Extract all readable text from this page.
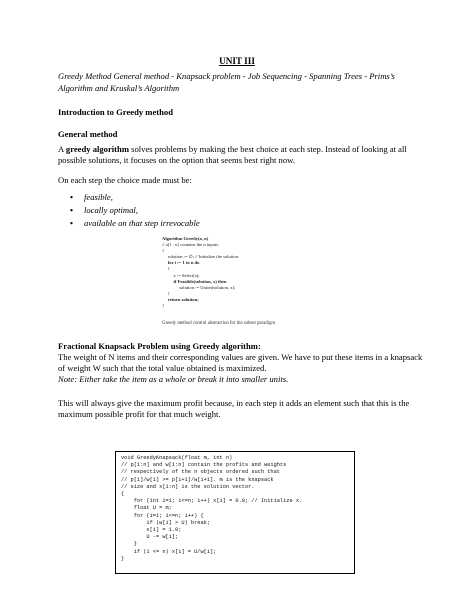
UNIT III
Greedy Method General method - Knapsack problem - Job Sequencing - Spanning Trees - Prims’s
Algorithm and Kruskal’s Algorithm
Introduction to Greedy method
General method
A greedy algorithm solves problems by making the best choice at each step. Instead of looking at all
possible solutions, it focuses on the option that seems best right now.
On each step the choice made must be:
• feasible,
• locally optimal,
• available on that step irrevocable
Algorithm Greedy(a, n)
// a[1 : n] contains the n inputs.
{
solution := ∅; // Initialize the solution.
for i := 1 to n do
{
x := Select(a);
if Feasible(solution, x) then
solution := Union(solution, x);
}
return solution;
}
Greedy method control abstraction for the subset paradigm
Fractional Knapsack Problem using Greedy algorithm:
The weight of N items and their corresponding values are given. We have to put these items in a knapsack
of weight W such that the total value obtained is maximized.
Note: Either take the item as a whole or break it into smaller units.
This will always give the maximum profit because, in each step it adds an element such that this is the
maximum possible profit for that much weight.
void GreedyKnapsack(float m, int n)
// p[1:n] and w[1:n] contain the profits and weights
// respectively of the n objects ordered such that
// p[i]/w[i] >= p[i+1]/w[i+1]. m is the knapsack
// size and x[1:n] is the solution vector.
{
for (int i=1; i<=n; i++) x[i] = 0.0; // Initialize x.
float U = m;
for (i=1; i<=n; i++) {
if (w[i] > U) break;
x[i] = 1.0;
U -= w[i];
}
if (i <= n) x[i] = U/w[i];
}
